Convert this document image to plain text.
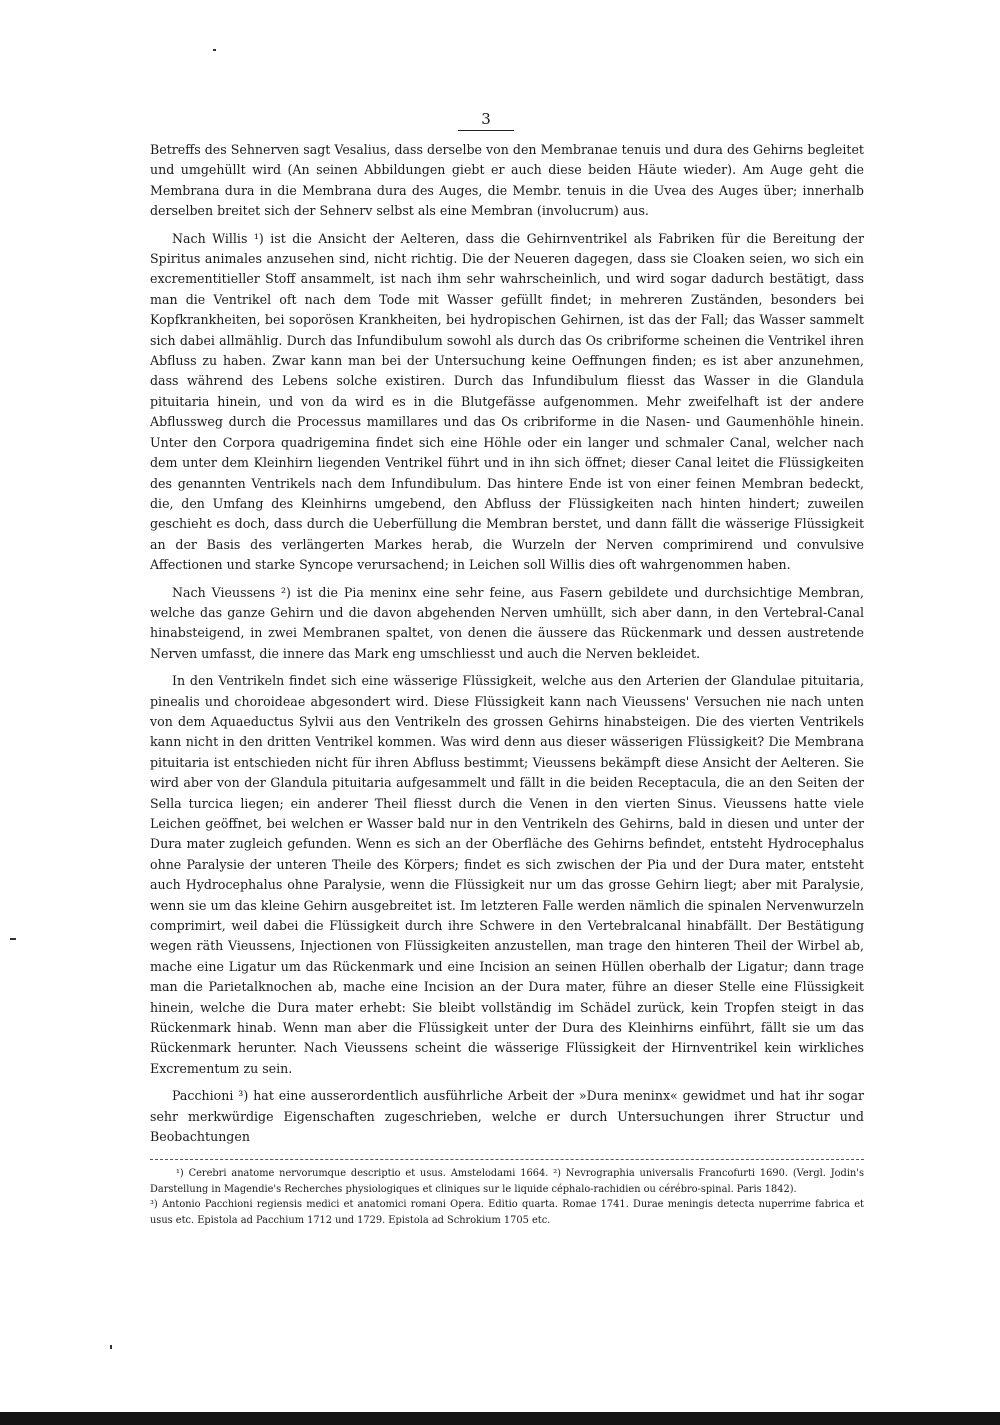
3

Betreffs des Sehnerven sagt Vesalius, dass derselbe von den Membranae tenuis und dura des Gehirns begleitet und umgehüllt wird (An seinen Abbildungen giebt er auch diese beiden Häute wieder). Am Auge geht die Membrana dura in die Membrana dura des Auges, die Membr. tenuis in die Uvea des Auges über; innerhalb derselben breitet sich der Sehnerv selbst als eine Membran (involucrum) aus.

Nach Willis ¹) ist die Ansicht der Aelteren, dass die Gehirnventrikel als Fabriken für die Bereitung der Spiritus animales anzusehen sind, nicht richtig. Die der Neueren dagegen, dass sie Cloaken seien, wo sich ein excrementitieller Stoff ansammelt, ist nach ihm sehr wahrscheinlich, und wird sogar dadurch bestätigt, dass man die Ventrikel oft nach dem Tode mit Wasser gefüllt findet; in mehreren Zuständen, besonders bei Kopfkrankheiten, bei soporösen Krankheiten, bei hydropischen Gehirnen, ist das der Fall; das Wasser sammelt sich dabei allmählig. Durch das Infundibulum sowohl als durch das Os cribriforme scheinen die Ventrikel ihren Abfluss zu haben. Zwar kann man bei der Untersuchung keine Oeffnungen finden; es ist aber anzunehmen, dass während des Lebens solche existiren. Durch das Infundibulum fliesst das Wasser in die Glandula pituitaria hinein, und von da wird es in die Blutgefässe aufgenommen. Mehr zweifelhaft ist der andere Abflussweg durch die Processus mamillares und das Os cribriforme in die Nasen- und Gaumenhöhle hinein. Unter den Corpora quadrigemina findet sich eine Höhle oder ein langer und schmaler Canal, welcher nach dem unter dem Kleinhirn liegenden Ventrikel führt und in ihn sich öffnet; dieser Canal leitet die Flüssigkeiten des genannten Ventrikels nach dem Infundibulum. Das hintere Ende ist von einer feinen Membran bedeckt, die, den Umfang des Kleinhirns umgebend, den Abfluss der Flüssigkeiten nach hinten hindert; zuweilen geschieht es doch, dass durch die Ueberfüllung die Membran berstet, und dann fällt die wässerige Flüssigkeit an der Basis des verlängerten Markes herab, die Wurzeln der Nerven comprimirend und convulsive Affectionen und starke Syncope verursachend; in Leichen soll Willis dies oft wahrgenommen haben.

Nach Vieussens ²) ist die Pia meninx eine sehr feine, aus Fasern gebildete und durchsichtige Membran, welche das ganze Gehirn und die davon abgehenden Nerven umhüllt, sich aber dann, in den Vertebral-Canal hinabsteigend, in zwei Membranen spaltet, von denen die äussere das Rückenmark und dessen austretende Nerven umfasst, die innere das Mark eng umschliesst und auch die Nerven bekleidet.

In den Ventrikeln findet sich eine wässerige Flüssigkeit, welche aus den Arterien der Glandulae pituitaria, pinealis und choroideae abgesondert wird. Diese Flüssigkeit kann nach Vieussens' Versuchen nie nach unten von dem Aquaeductus Sylvii aus den Ventrikeln des grossen Gehirns hinabsteigen. Die des vierten Ventrikels kann nicht in den dritten Ventrikel kommen. Was wird denn aus dieser wässerigen Flüssigkeit? Die Membrana pituitaria ist entschieden nicht für ihren Abfluss bestimmt; Vieussens bekämpft diese Ansicht der Aelteren. Sie wird aber von der Glandula pituitaria aufgesammelt und fällt in die beiden Receptacula, die an den Seiten der Sella turcica liegen; ein anderer Theil fliesst durch die Venen in den vierten Sinus. Vieussens hatte viele Leichen geöffnet, bei welchen er Wasser bald nur in den Ventrikeln des Gehirns, bald in diesen und unter der Dura mater zugleich gefunden. Wenn es sich an der Oberfläche des Gehirns befindet, entsteht Hydrocephalus ohne Paralysie der unteren Theile des Körpers; findet es sich zwischen der Pia und der Dura mater, entsteht auch Hydrocephalus ohne Paralysie, wenn die Flüssigkeit nur um das grosse Gehirn liegt; aber mit Paralysie, wenn sie um das kleine Gehirn ausgebreitet ist. Im letzteren Falle werden nämlich die spinalen Nervenwurzeln comprimirt, weil dabei die Flüssigkeit durch ihre Schwere in den Vertebralcanal hinabfällt. Der Bestätigung wegen räth Vieussens, Injectionen von Flüssigkeiten anzustellen, man trage den hinteren Theil der Wirbel ab, mache eine Ligatur um das Rückenmark und eine Incision an seinen Hüllen oberhalb der Ligatur; dann trage man die Parietalknochen ab, mache eine Incision an der Dura mater, führe an dieser Stelle eine Flüssigkeit hinein, welche die Dura mater erhebt: Sie bleibt vollständig im Schädel zurück, kein Tropfen steigt in das Rückenmark hinab. Wenn man aber die Flüssigkeit unter der Dura des Kleinhirns einführt, fällt sie um das Rückenmark herunter. Nach Vieussens scheint die wässerige Flüssigkeit der Hirnventrikel kein wirkliches Excrementum zu sein.

Pacchioni ³) hat eine ausserordentlich ausführliche Arbeit der »Dura meninx« gewidmet und hat ihr sogar sehr merkwürdige Eigenschaften zugeschrieben, welche er durch Untersuchungen ihrer Structur und Beobachtungen

¹) Cerebri anatome nervorumque descriptio et usus. Amstelodami 1664. ²) Nevrographia universalis Francofurti 1690. (Vergl. Jodin's Darstellung in Magendie's Recherches physiologiques et cliniques sur le liquide céphalo-rachidien ou cérébro-spinal. Paris 1842).

³) Antonio Pacchioni regiensis medici et anatomici romani Opera. Editio quarta. Romae 1741. Durae meningis detecta nuperrime fabrica et usus etc. Epistola ad Pacchium 1712 und 1729. Epistola ad Schrokium 1705 etc.
